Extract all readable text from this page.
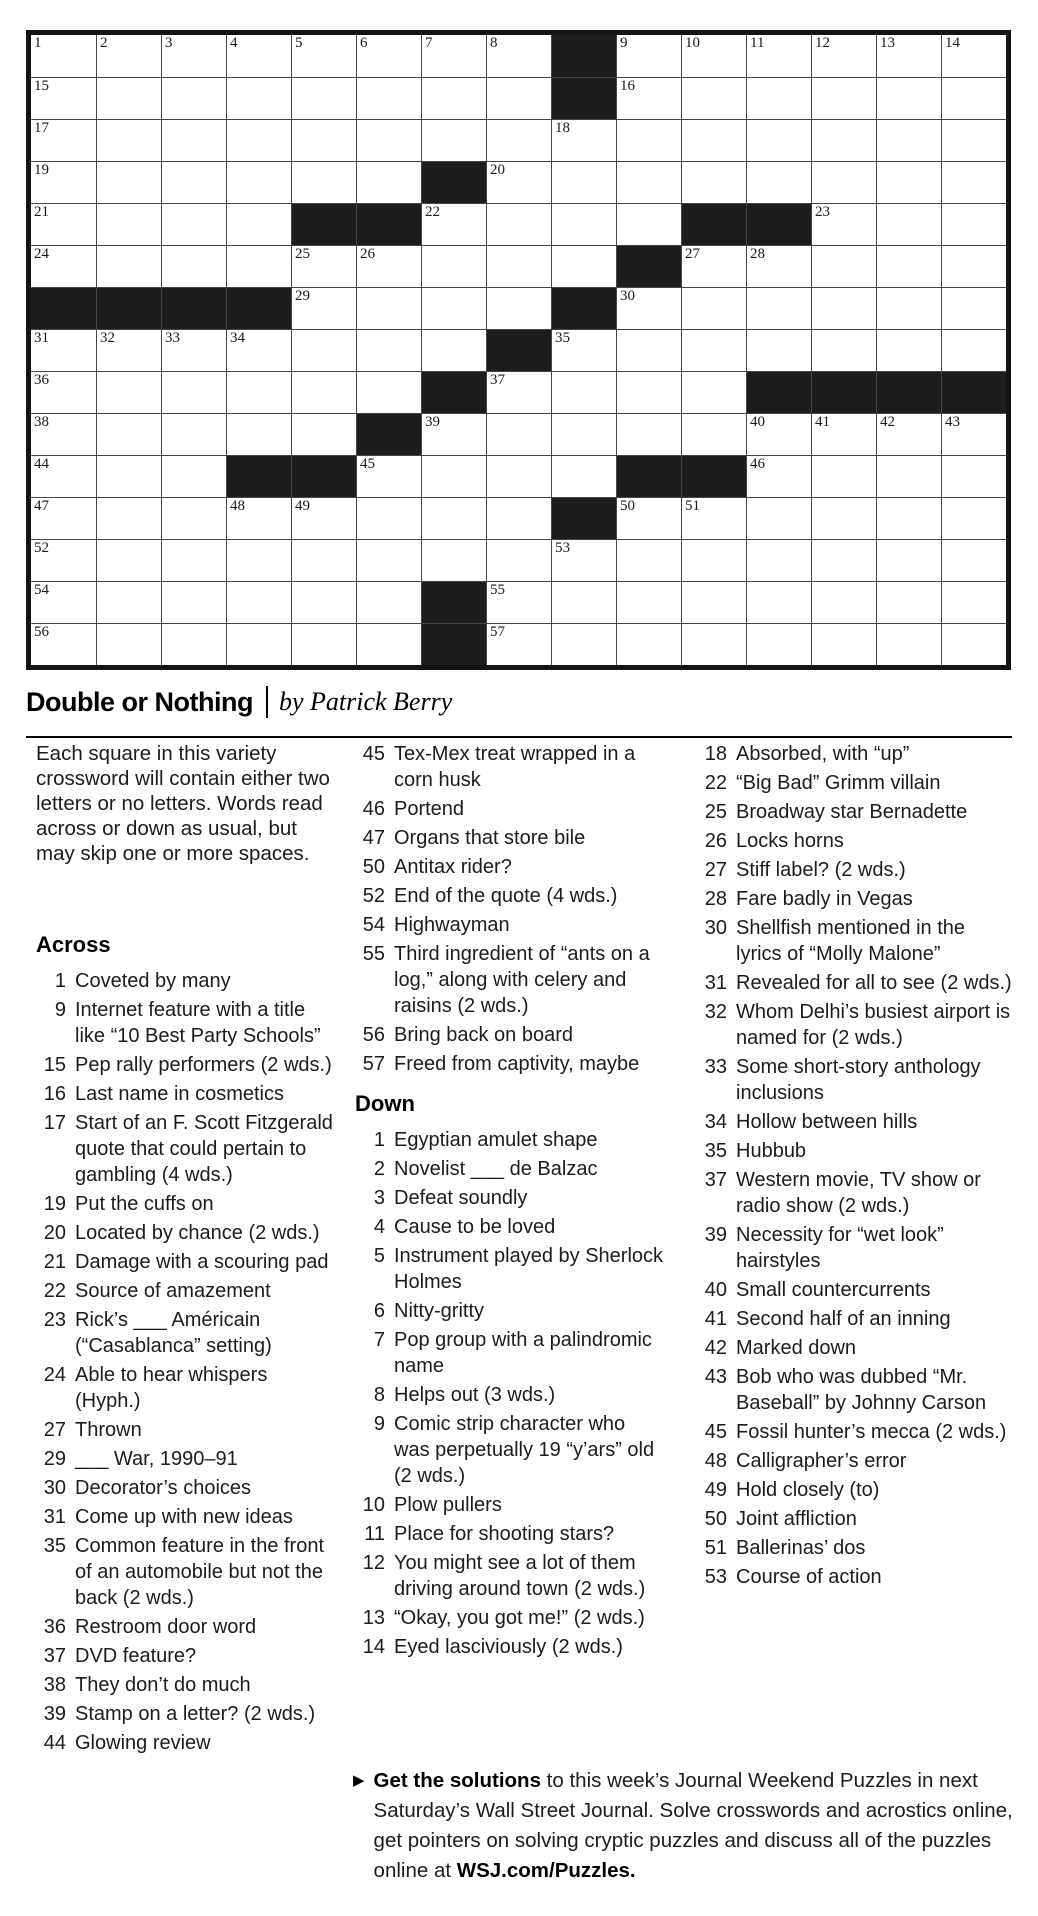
1	2	3	4	5	6	7	8	9	10	11	12	13	14
15	16
17	18
19	20
21	22	23
24	25	26	27	28
29	30
31	32	33	34	35
36	37
38	39	40	41	42	43
44	45	46
47	48	49	50	51
52	53
54	55
56	57
Double or Nothing by Patrick Berry

Each square in this variety crossword will contain either two letters or no letters. Words read across or down as usual, but may skip one or more spaces.

Across
1 Coveted by many
9 Internet feature with a title like “10 Best Party Schools”
15 Pep rally performers (2 wds.)
16 Last name in cosmetics
17 Start of an F. Scott Fitzgerald quote that could pertain to gambling (4 wds.)
19 Put the cuffs on
20 Located by chance (2 wds.)
21 Damage with a scouring pad
22 Source of amazement
23 Rick’s ___ Américain (“Casablanca” setting)
24 Able to hear whispers (Hyph.)
27 Thrown
29 ___ War, 1990–91
30 Decorator’s choices
31 Come up with new ideas
35 Common feature in the front of an automobile but not the back (2 wds.)
36 Restroom door word
37 DVD feature?
38 They don’t do much
39 Stamp on a letter? (2 wds.)
44 Glowing review
45 Tex-Mex treat wrapped in a corn husk
46 Portend
47 Organs that store bile
50 Antitax rider?
52 End of the quote (4 wds.)
54 Highwayman
55 Third ingredient of “ants on a log,” along with celery and raisins (2 wds.)
56 Bring back on board
57 Freed from captivity, maybe
Down
1 Egyptian amulet shape
2 Novelist ___ de Balzac
3 Defeat soundly
4 Cause to be loved
5 Instrument played by Sherlock Holmes
6 Nitty-gritty
7 Pop group with a palindromic name
8 Helps out (3 wds.)
9 Comic strip character who was perpetually 19 “y’ars” old (2 wds.)
10 Plow pullers
11 Place for shooting stars?
12 You might see a lot of them driving around town (2 wds.)
13 “Okay, you got me!” (2 wds.)
14 Eyed lasciviously (2 wds.)
18 Absorbed, with “up”
22 “Big Bad” Grimm villain
25 Broadway star Bernadette
26 Locks horns
27 Stiff label? (2 wds.)
28 Fare badly in Vegas
30 Shellfish mentioned in the lyrics of “Molly Malone”
31 Revealed for all to see (2 wds.)
32 Whom Delhi’s busiest airport is named for (2 wds.)
33 Some short-story anthology inclusions
34 Hollow between hills
35 Hubbub
37 Western movie, TV show or radio show (2 wds.)
39 Necessity for “wet look” hairstyles
40 Small countercurrents
41 Second half of an inning
42 Marked down
43 Bob who was dubbed “Mr. Baseball” by Johnny Carson
45 Fossil hunter’s mecca (2 wds.)
48 Calligrapher’s error
49 Hold closely (to)
50 Joint affliction
51 Ballerinas’ dos
53 Course of action
▶ Get the solutions to this week’s Journal Weekend Puzzles in next Saturday’s Wall Street Journal. Solve crosswords and acrostics online, get pointers on solving cryptic puzzles and discuss all of the puzzles online at WSJ.com/Puzzles.
